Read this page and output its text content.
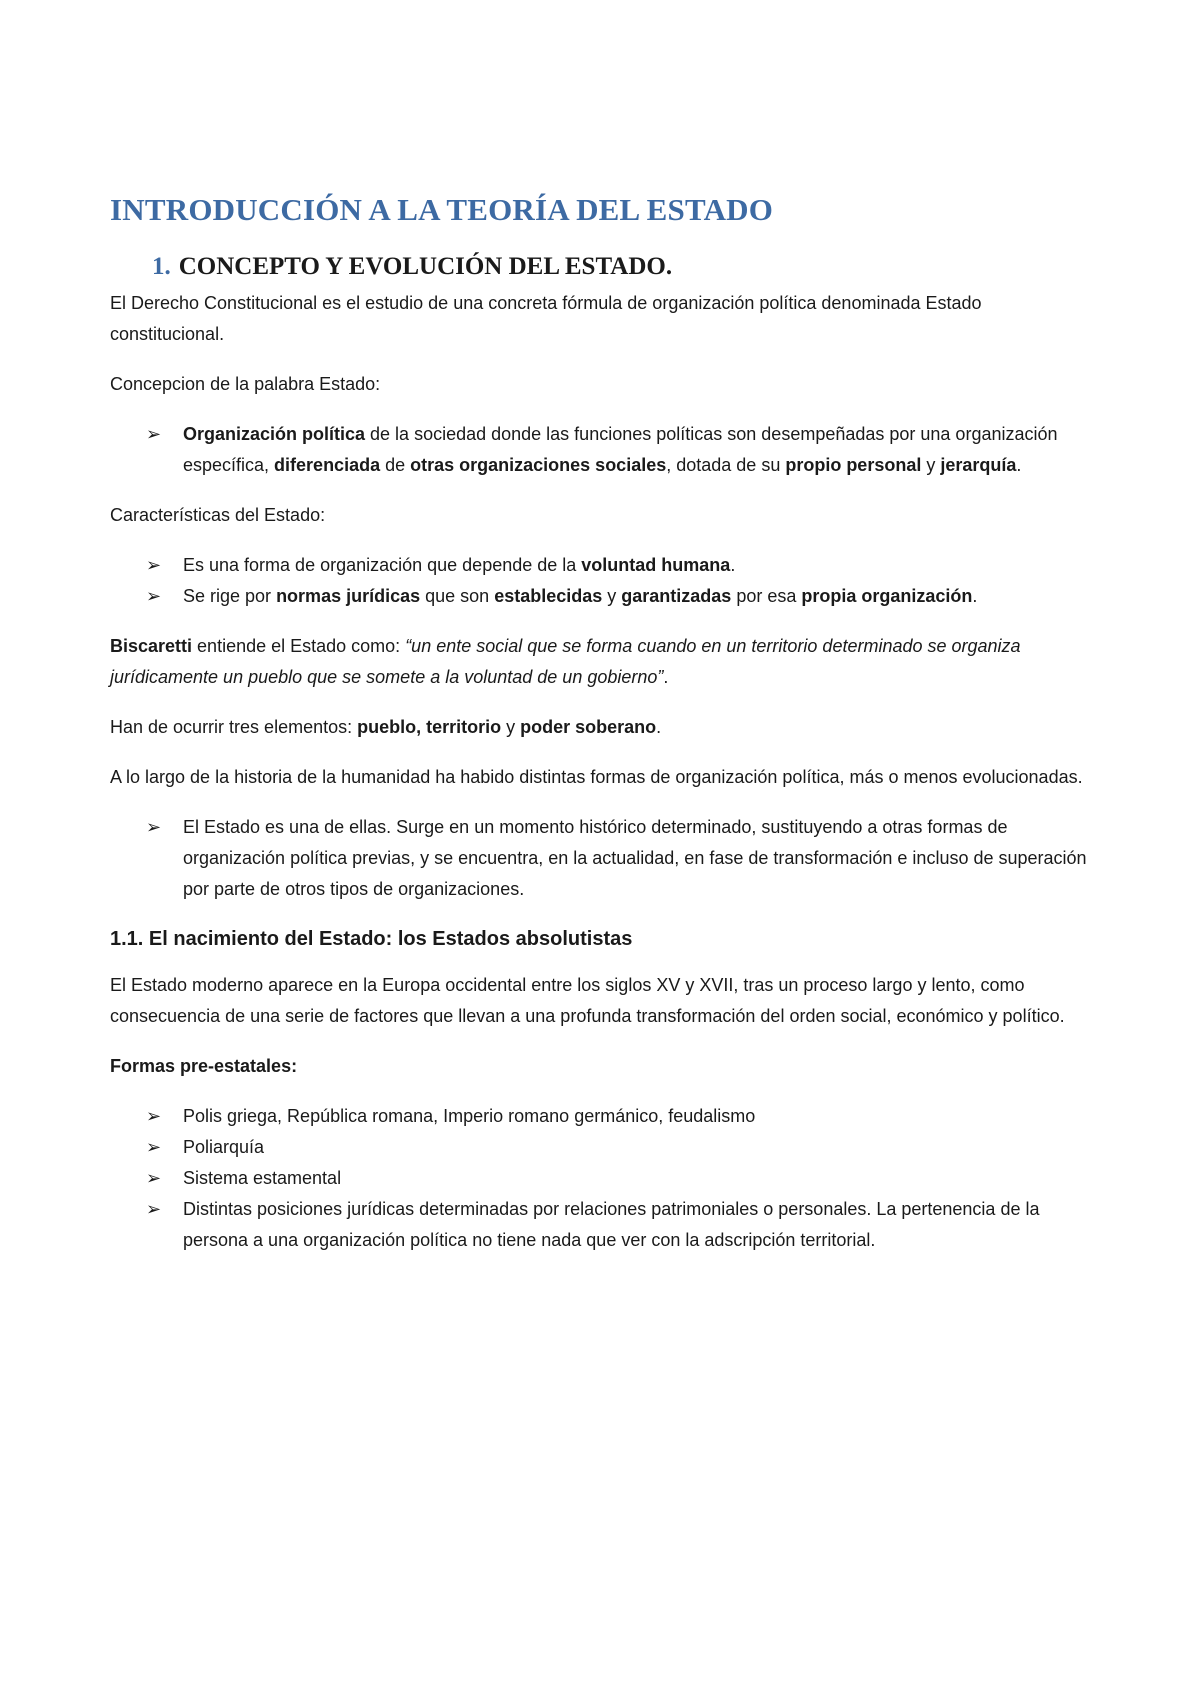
INTRODUCCIÓN A LA TEORÍA DEL ESTADO
1. CONCEPTO Y EVOLUCIÓN DEL ESTADO.

El Derecho Constitucional es el estudio de una concreta fórmula de organización política denominada Estado constitucional.

Concepcion de la palabra Estado:

➢ Organización política de la sociedad donde las funciones políticas son desempeñadas por una organización específica, diferenciada de otras organizaciones sociales, dotada de su propio personal y jerarquía.

Características del Estado:

➢ Es una forma de organización que depende de la voluntad humana.
➢ Se rige por normas jurídicas que son establecidas y garantizadas por esa propia organización.

Biscaretti entiende el Estado como: “un ente social que se forma cuando en un territorio determinado se organiza jurídicamente un pueblo que se somete a la voluntad de un gobierno”.

Han de ocurrir tres elementos: pueblo, territorio y poder soberano.

A lo largo de la historia de la humanidad ha habido distintas formas de organización política, más o menos evolucionadas.

➢ El Estado es una de ellas. Surge en un momento histórico determinado, sustituyendo a otras formas de organización política previas, y se encuentra, en la actualidad, en fase de transformación e incluso de superación por parte de otros tipos de organizaciones.
1.1. El nacimiento del Estado: los Estados absolutistas

El Estado moderno aparece en la Europa occidental entre los siglos XV y XVII, tras un proceso largo y lento, como consecuencia de una serie de factores que llevan a una profunda transformación del orden social, económico y político.

Formas pre-estatales:

➢ Polis griega, República romana, Imperio romano germánico, feudalismo
➢ Poliarquía
➢ Sistema estamental
➢ Distintas posiciones jurídicas determinadas por relaciones patrimoniales o personales. La pertenencia de la persona a una organización política no tiene nada que ver con la adscripción territorial.
